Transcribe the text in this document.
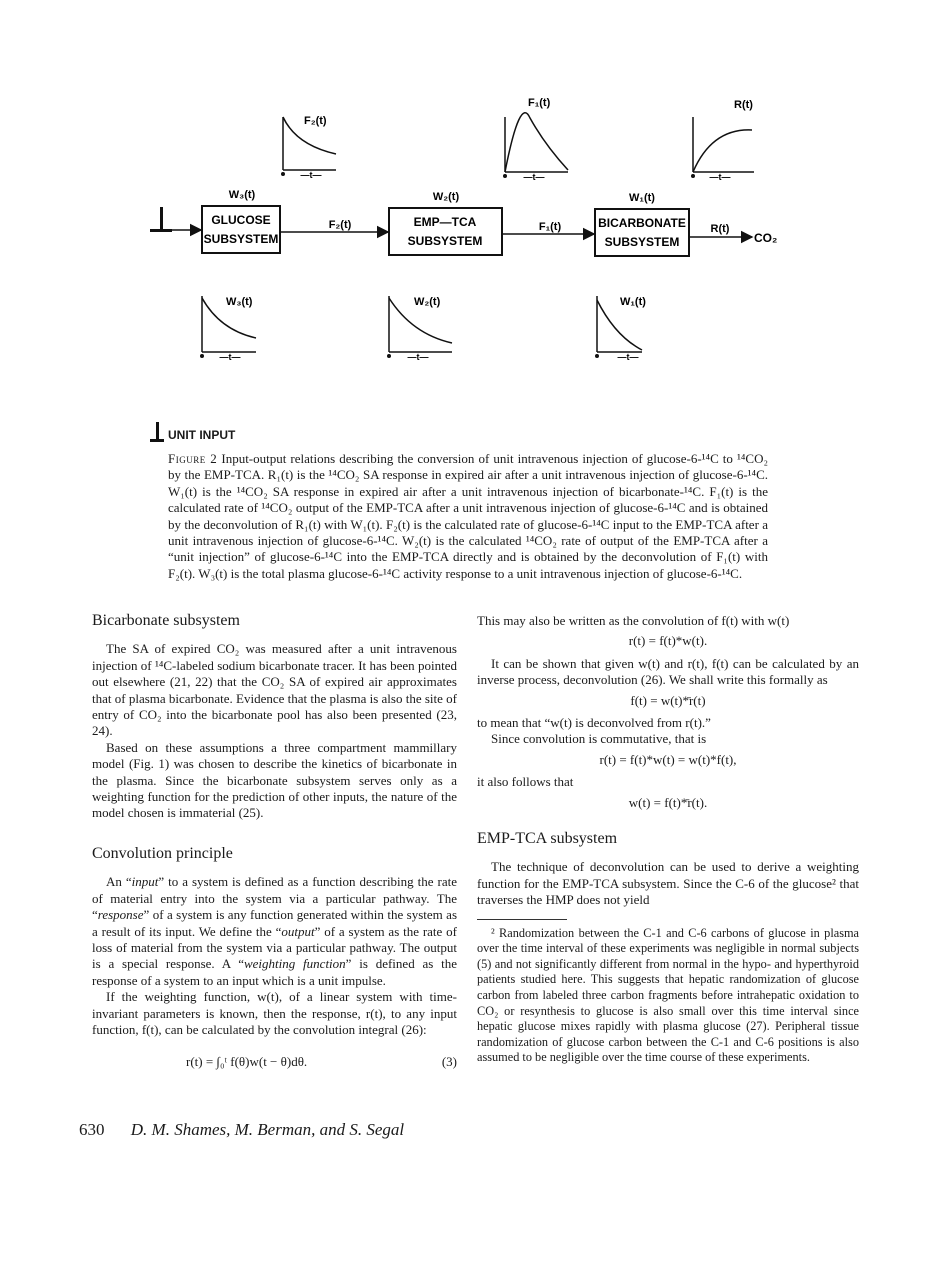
GLUCOSE
SUBSYSTEM
EMP—TCA
SUBSYSTEM
BICARBONATE
SUBSYSTEM
W₃(t)	W₂(t)	W₁(t)
F₂(t)	F₁(t)	R(t)
CO₂
F₂(t)
—t—
F₁(t)
—t—
R(t)
—t—
W₃(t)
—t—
W₂(t)
—t—
W₁(t)
—t—
UNIT INPUT
Figure 2 Input-output relations describing the conversion of unit intravenous injection of glucose-6-¹⁴C to ¹⁴CO₂ by the EMP-TCA. R₁(t) is the ¹⁴CO₂ SA response in expired air after a unit intravenous injection of glucose-6-¹⁴C. W₁(t) is the ¹⁴CO₂ SA response in expired air after a unit intravenous injection of bicarbonate-¹⁴C. F₁(t) is the calculated rate of ¹⁴CO₂ output of the EMP-TCA after a unit intravenous injection of glucose-6-¹⁴C and is obtained by the deconvolution of R₁(t) with W₁(t). F₂(t) is the calculated rate of glucose-6-¹⁴C input to the EMP-TCA after a unit intravenous injection of glucose-6-¹⁴C. W₂(t) is the calculated ¹⁴CO₂ rate of output of the EMP-TCA after a “unit injection” of glucose-6-¹⁴C into the EMP-TCA directly and is obtained by the deconvolution of F₁(t) with F₂(t). W₃(t) is the total plasma glucose-6-¹⁴C activity response to a unit intravenous injection of glucose-6-¹⁴C.
Bicarbonate subsystem

The SA of expired CO₂ was measured after a unit intravenous injection of ¹⁴C-labeled sodium bicarbonate tracer. It has been pointed out elsewhere (21, 22) that the CO₂ SA of expired air approximates that of plasma bicarbonate. Evidence that the plasma is also the site of entry of CO₂ into the bicarbonate pool has also been presented (23, 24).

Based on these assumptions a three compartment mammillary model (Fig. 1) was chosen to describe the kinetics of bicarbonate in the plasma. Since the bicarbonate subsystem serves only as a weighting function for the prediction of other inputs, the nature of the model chosen is immaterial (25).

Convolution principle

An “input” to a system is defined as a function describing the rate of material entry into the system via a particular pathway. The “response” of a system is any function generated within the system as a result of its input. We define the “output” of a system as the rate of loss of material from the system via a particular pathway. The output is a special response. A “weighting function” is defined as the response of a system to an input which is a unit impulse.

If the weighting function, w(t), of a linear system with time-invariant parameters is known, then the response, r(t), to any input function, f(t), can be calculated by the convolution integral (26):

r(t) = ∫₀ᵗ f(θ)w(t − θ)dθ.	(3)

This may also be written as the convolution of f(t) with w(t)

r(t) = f(t)*w(t).

It can be shown that given w(t) and r(t), f(t) can be calculated by an inverse process, deconvolution (26). We shall write this formally as

f(t) = w(t)*̄r(t)

to mean that “w(t) is deconvolved from r(t).”

Since convolution is commutative, that is

r(t) = f(t)*w(t) = w(t)*f(t),

it also follows that

w(t) = f(t)*̄r(t).
EMP-TCA subsystem

The technique of deconvolution can be used to derive a weighting function for the EMP-TCA subsystem. Since the C-6 of the glucose² that traverses the HMP does not yield

² Randomization between the C-1 and C-6 carbons of glucose in plasma over the time interval of these experiments was negligible in normal subjects (5) and not significantly different from normal in the hypo- and hyperthyroid patients studied here. This suggests that hepatic randomization of glucose carbon from labeled three carbon fragments before intrahepatic oxidation to CO₂ or resynthesis to glucose is also small over this time interval since hepatic glucose mixes rapidly with plasma glucose (27). Peripheral tissue randomization of glucose carbon between the C-1 and C-6 positions is also assumed to be negligible over the time course of these experiments.

630 D. M. Shames, M. Berman, and S. Segal
